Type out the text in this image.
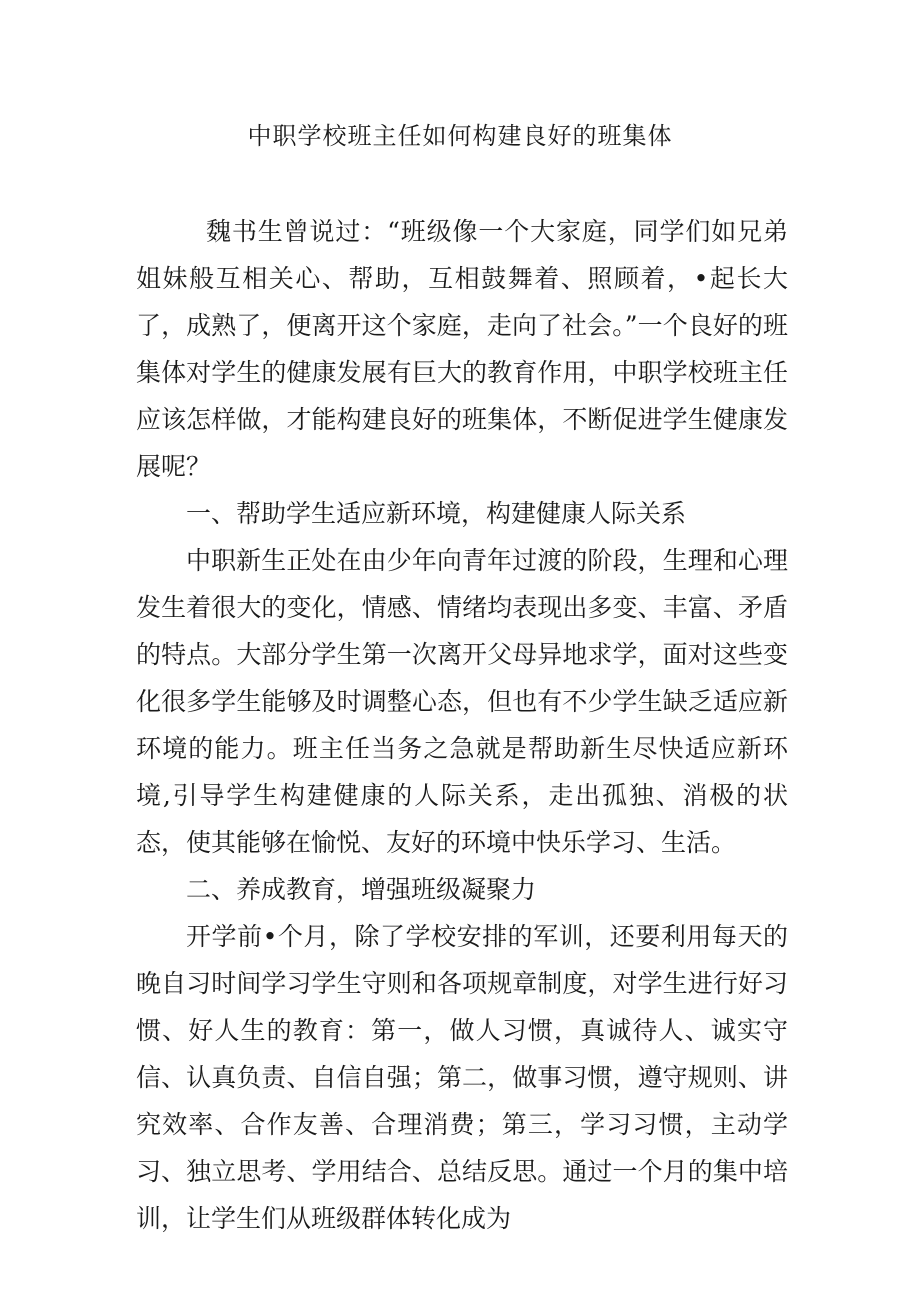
中职学校班主任如何构建良好的班集体

魏书生曾说过：“班级像一个大家庭，同学们如兄弟姐妹般互相关心、帮助，互相鼓舞着、照顾着，•起长大了，成熟了，便离开这个家庭，走向了社会。”一个良好的班集体对学生的健康发展有巨大的教育作用，中职学校班主任应该怎样做，才能构建良好的班集体，不断促进学生健康发展呢？

一、帮助学生适应新环境，构建健康人际关系

中职新生正处在由少年向青年过渡的阶段，生理和心理发生着很大的变化，情感、情绪均表现出多变、丰富、矛盾的特点。大部分学生第一次离开父母异地求学，面对这些变化很多学生能够及时调整心态，但也有不少学生缺乏适应新环境的能力。班主任当务之急就是帮助新生尽快适应新环境,引导学生构建健康的人际关系，走出孤独、消极的状态，使其能够在愉悦、友好的环境中快乐学习、生活。

二、养成教育，增强班级凝聚力

开学前•个月，除了学校安排的军训，还要利用每天的晚自习时间学习学生守则和各项规章制度，对学生进行好习惯、好人生的教育：第一，做人习惯，真诚待人、诚实守信、认真负责、自信自强；第二，做事习惯，遵守规则、讲究效率、合作友善、合理消费；第三，学习习惯，主动学习、独立思考、学用结合、总结反思。通过一个月的集中培训，让学生们从班级群体转化成为
